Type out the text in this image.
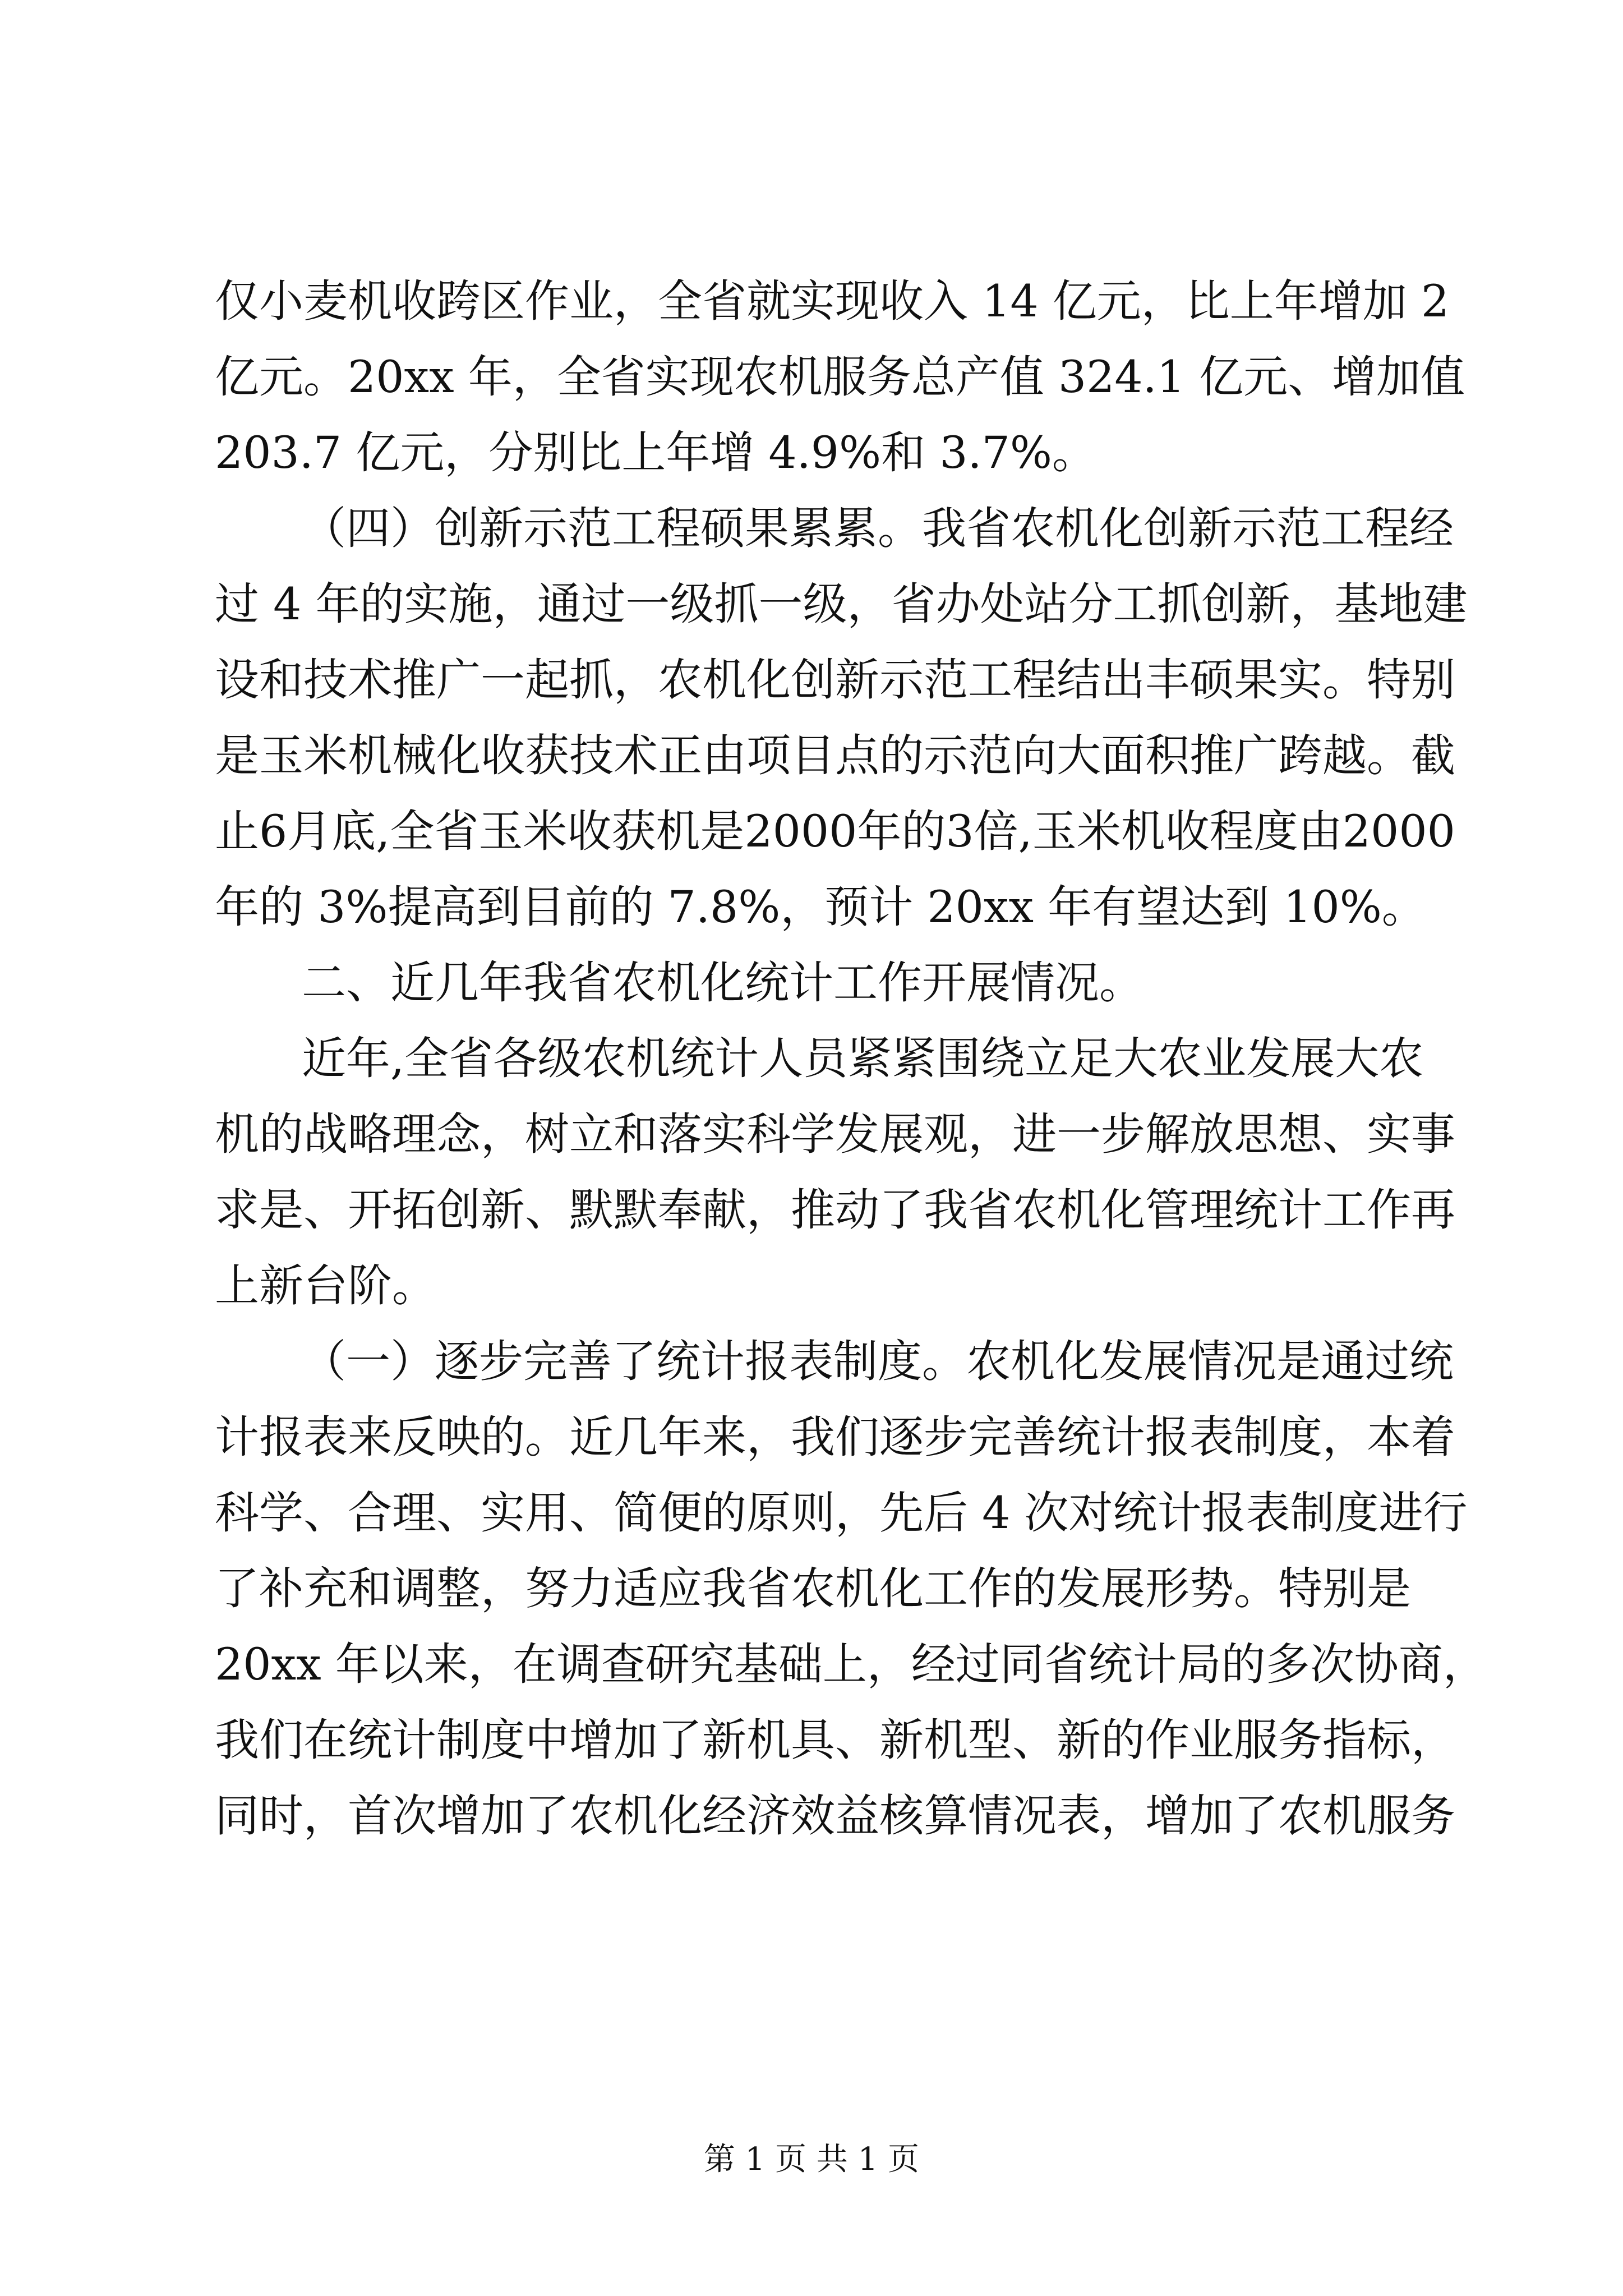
仅小麦机收跨区作业，全省就实现收入 14 亿元，比上年增加 2
亿元。20xx 年，全省实现农机服务总产值 324.1 亿元、增加值
203.7 亿元，分别比上年增 4.9%和 3.7%。
（四）创新示范工程硕果累累。我省农机化创新示范工程经
过 4 年的实施，通过一级抓一级，省办处站分工抓创新，基地建
设和技术推广一起抓，农机化创新示范工程结出丰硕果实。特别
是玉米机械化收获技术正由项目点的示范向大面积推广跨越。截
止6月底,全省玉米收获机是2000年的3倍,玉米机收程度由2000
年的 3%提高到目前的 7.8%，预计 20xx 年有望达到 10%。
二、近几年我省农机化统计工作开展情况。
近年,全省各级农机统计人员紧紧围绕立足大农业发展大农
机的战略理念，树立和落实科学发展观，进一步解放思想、实事
求是、开拓创新、默默奉献，推动了我省农机化管理统计工作再
上新台阶。
（一）逐步完善了统计报表制度。农机化发展情况是通过统
计报表来反映的。近几年来，我们逐步完善统计报表制度，本着
科学、合理、实用、简便的原则，先后 4 次对统计报表制度进行
了补充和调整，努力适应我省农机化工作的发展形势。特别是
20xx 年以来，在调查研究基础上，经过同省统计局的多次协商，
我们在统计制度中增加了新机具、新机型、新的作业服务指标，
同时，首次增加了农机化经济效益核算情况表，增加了农机服务
第 1 页 共 1 页
